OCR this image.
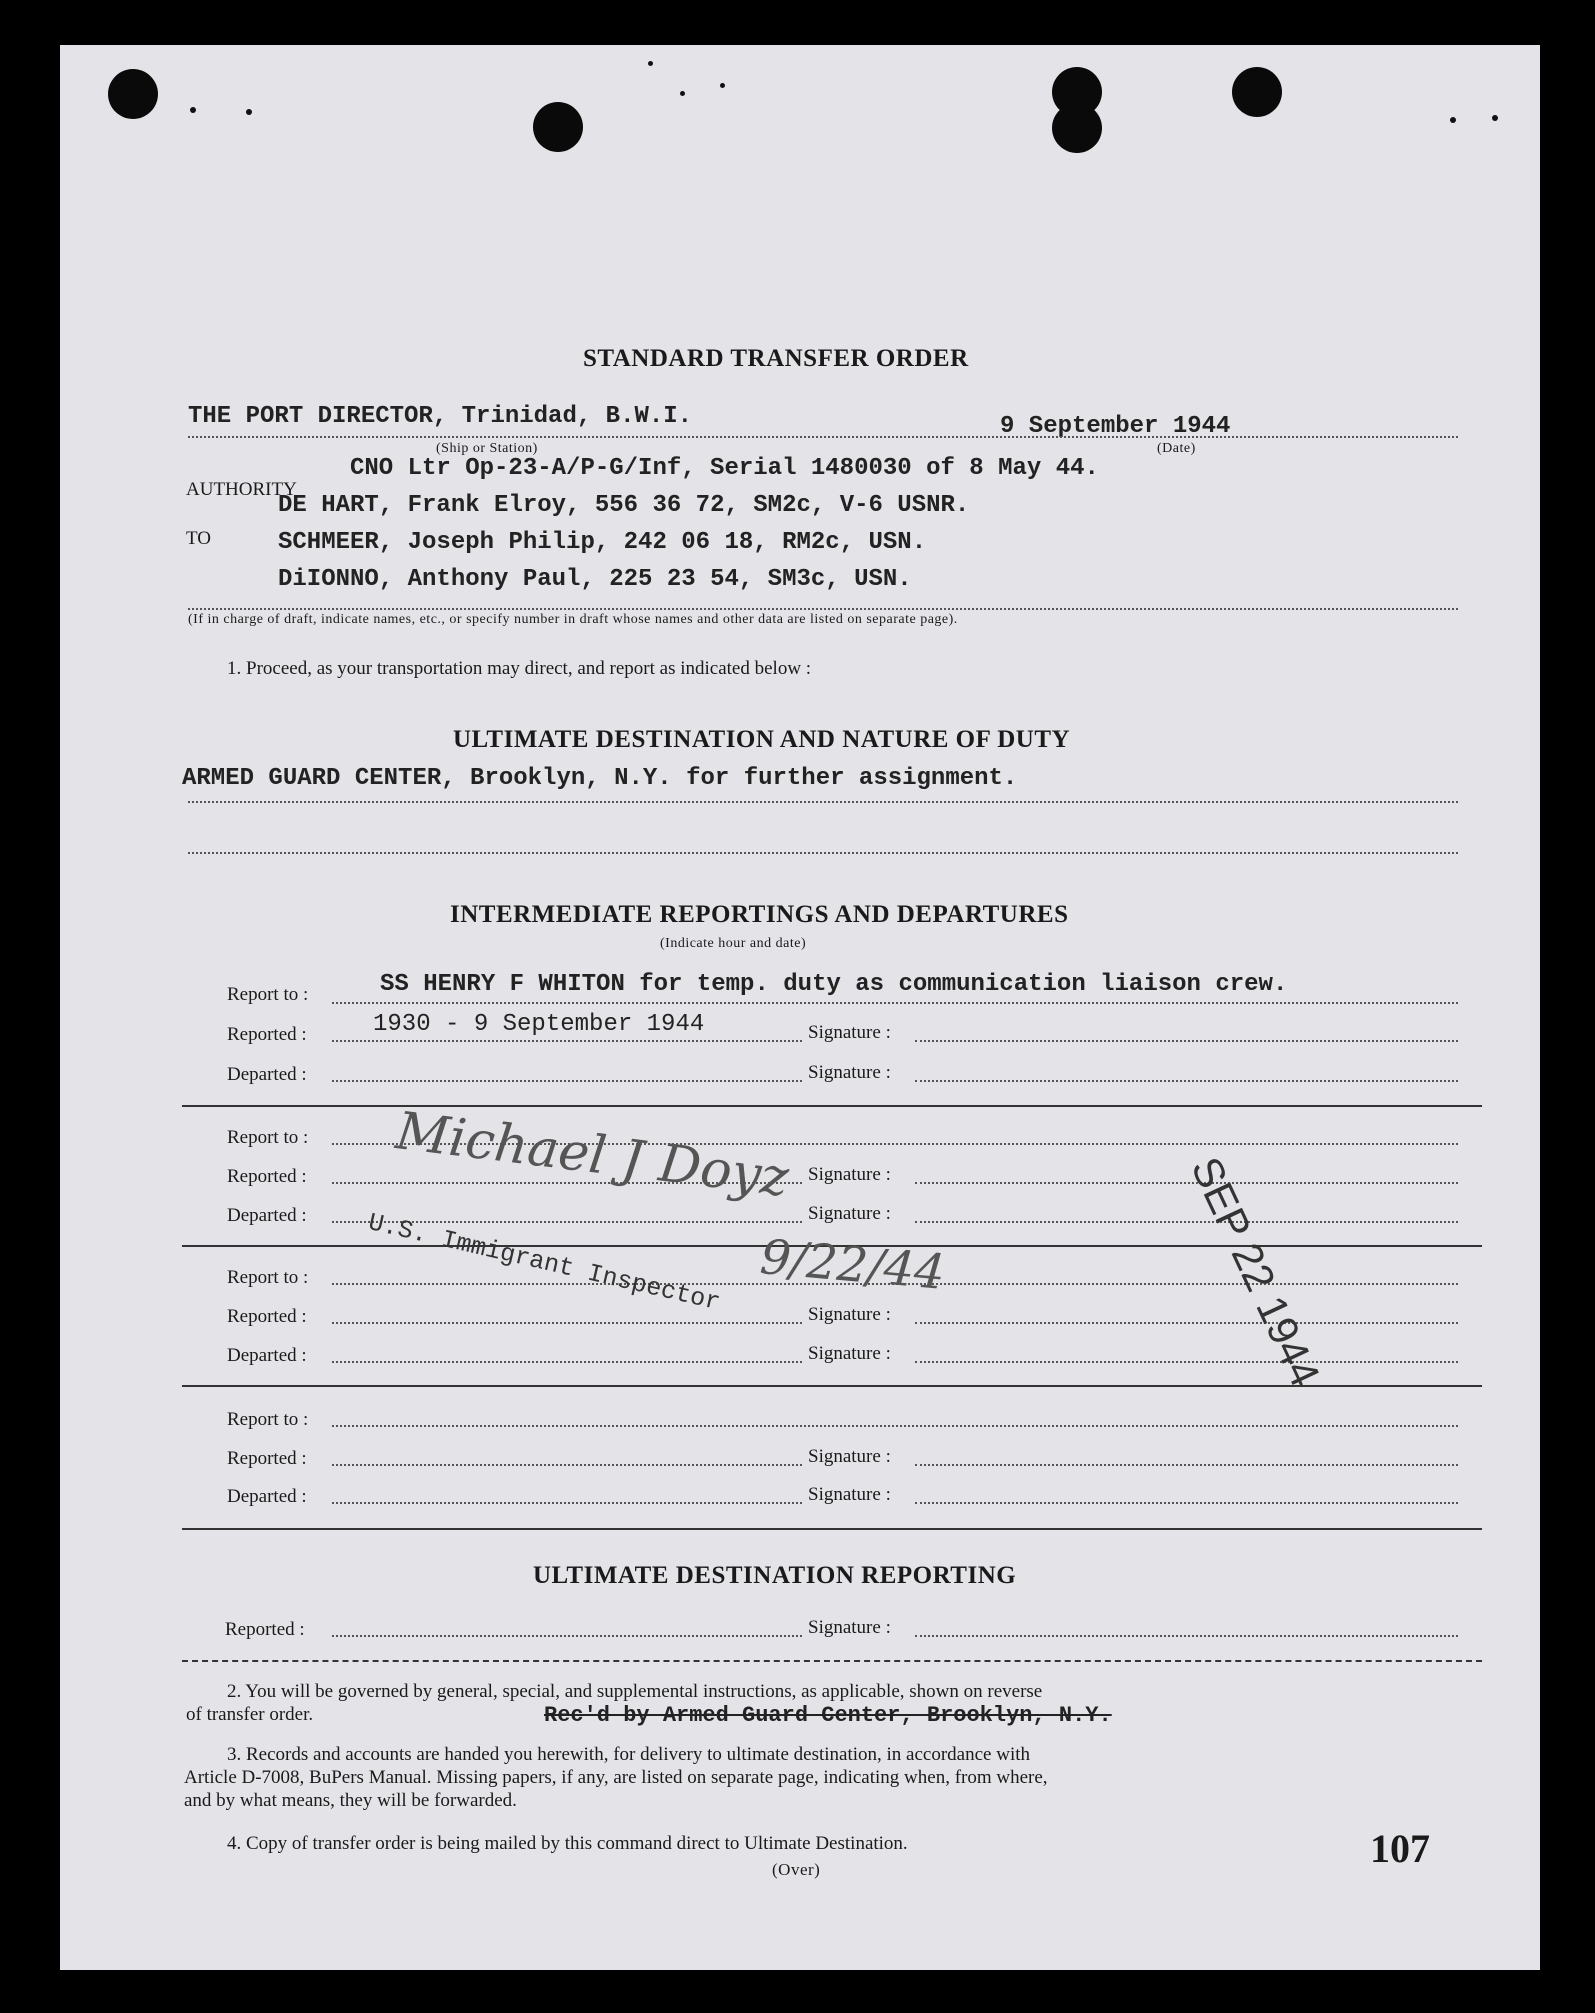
STANDARD TRANSFER ORDER
THE PORT DIRECTOR, Trinidad, B.W.I.	9 September 1944
(Ship or Station)	(Date)
CNO Ltr Op-23-A/P-G/Inf, Serial 1480030 of 8 May 44.
AUTHORITY
DE HART, Frank Elroy, 556 36 72, SM2c, V-6 USNR.
TO	SCHMEER, Joseph Philip, 242 06 18, RM2c, USN.
DiIONNO, Anthony Paul, 225 23 54, SM3c, USN.
(If in charge of draft, indicate names, etc., or specify number in draft whose names and other data are listed on separate page).
1. Proceed, as your transportation may direct, and report as indicated below :
ULTIMATE DESTINATION AND NATURE OF DUTY
ARMED GUARD CENTER, Brooklyn, N.Y. for further assignment.
INTERMEDIATE REPORTINGS AND DEPARTURES
(Indicate hour and date)
Report to :	SS HENRY F WHITON for temp. duty as communication liaison crew.
Reported :	1930 - 9 September 1944	Signature :
Departed :	Signature :
Report to :
Reported :	Signature :
Departed :	Signature :
Report to :
Reported :	Signature :
Departed :	Signature :
Report to :
Reported :	Signature :
Departed :	Signature :
Michael J Doyz
9/22/44
U.S. Immigrant Inspector	SEP 22 1944
ULTIMATE DESTINATION REPORTING
Reported :	Signature :
2. You will be governed by general, special, and supplemental instructions, as applicable, shown on reverse
of transfer order.	Rec'd by Armed Guard Center, Brooklyn, N.Y.
3. Records and accounts are handed you herewith, for delivery to ultimate destination, in accordance with
Article D-7008, BuPers Manual. Missing papers, if any, are listed on separate page, indicating when, from where,
and by what means, they will be forwarded.
4. Copy of transfer order is being mailed by this command direct to Ultimate Destination.
(Over)	107
